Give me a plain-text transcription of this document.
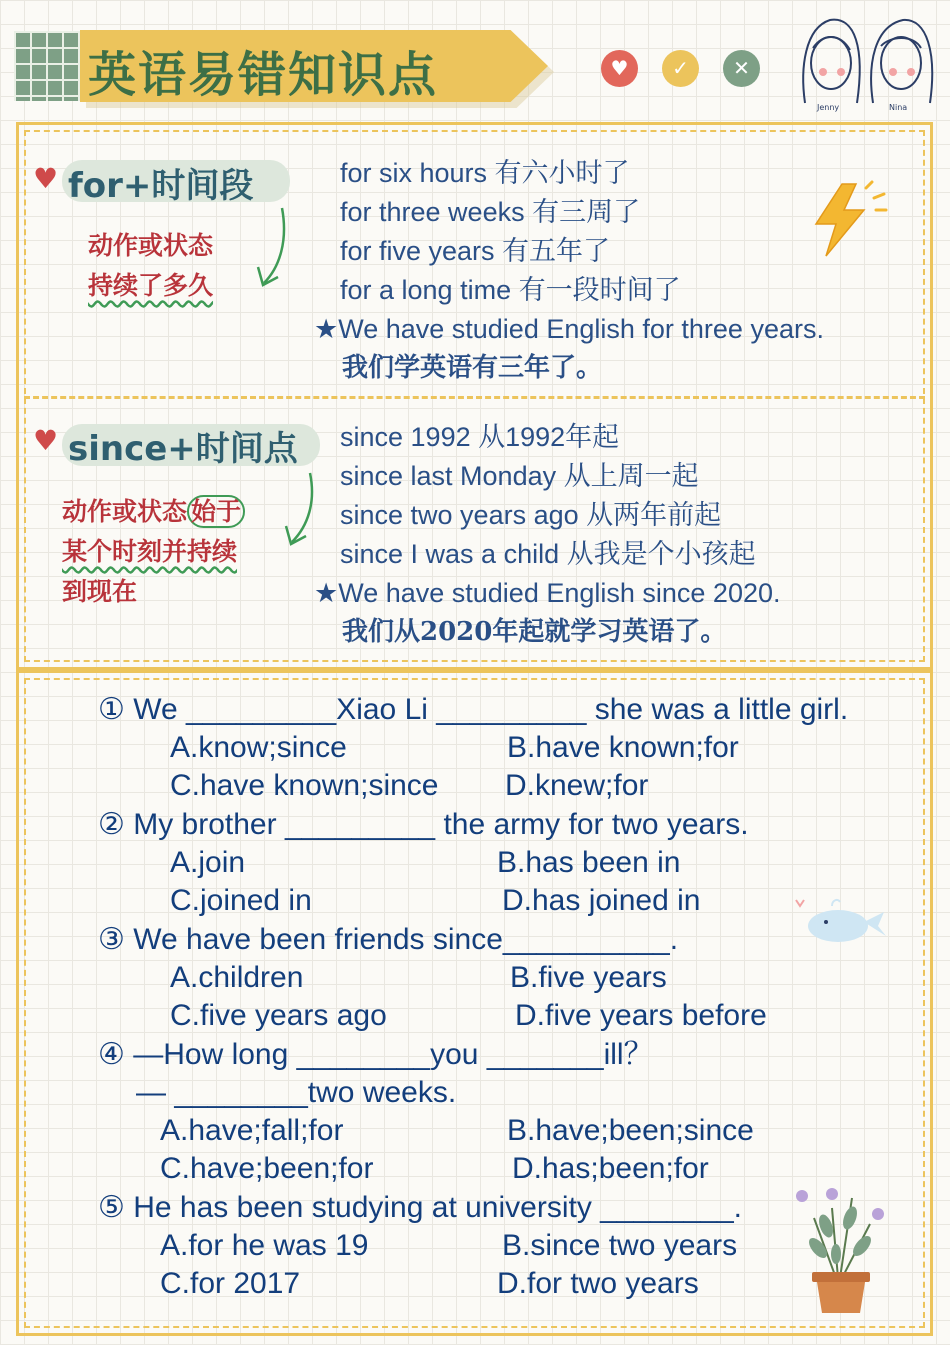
英语易错知识点	♥	✓	✕
Jenny	Nina
♥ for+时间段
动作或状态
持续了多久
for six hours 有六小时了
for three weeks 有三周了
for five years 有五年了
for a long time 有一段时间了
★We have studied English for three years.
我们学英语有三年了。
♥ since+时间点
动作或状态 始于
某个时刻并持续
到现在
since 1992 从1992年起
since last Monday 从上周一起
since two years ago 从两年前起
since I was a child 从我是个小孩起
★We have studied English since 2020.
我们从2020年起就学习英语了。
① We _________Xiao Li _________ she was a little girl.
A.know;since	B.have known;for
C.have known;since D.knew;for
② My brother _________ the army for two years.
A.join	B.has been in
C.joined in	D.has joined in
③ We have been friends since__________.
A.children	B.five years
C.five years ago	D.five years before
④ —How long ________you _______ill？
— ________two weeks.
A.have;fall;for	B.have;been;since
C.have;been;for	D.has;been;for
⑤ He has been studying at university ________.
A.for he was 19	B.since two years
C.for 2017	D.for two years
